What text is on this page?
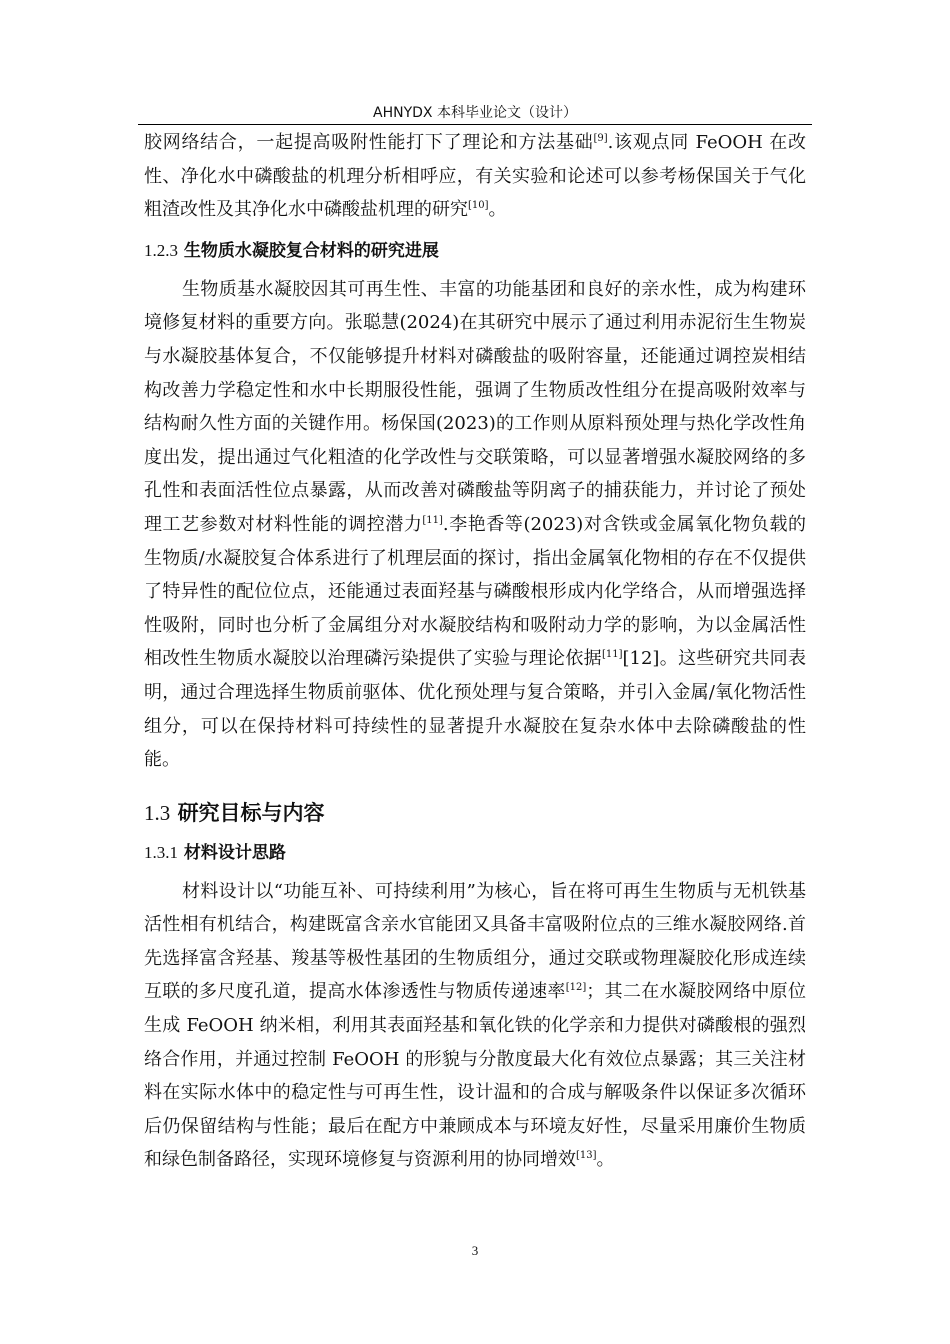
AHNYDX 本科毕业论文（设计）

胶网络结合，一起提高吸附性能打下了理论和方法基础[9].该观点同 FeOOH 在改性、净化水中磷酸盐的机理分析相呼应，有关实验和论述可以参考杨保国关于气化粗渣改性及其净化水中磷酸盐机理的研究[10]。

1.2.3 生物质水凝胶复合材料的研究进展

生物质基水凝胶因其可再生性、丰富的功能基团和良好的亲水性，成为构建环境修复材料的重要方向。张聪慧(2024)在其研究中展示了通过利用赤泥衍生生物炭与水凝胶基体复合，不仅能够提升材料对磷酸盐的吸附容量，还能通过调控炭相结构改善力学稳定性和水中长期服役性能，强调了生物质改性组分在提高吸附效率与结构耐久性方面的关键作用。杨保国(2023)的工作则从原料预处理与热化学改性角度出发，提出通过气化粗渣的化学改性与交联策略，可以显著增强水凝胶网络的多孔性和表面活性位点暴露，从而改善对磷酸盐等阴离子的捕获能力，并讨论了预处理工艺参数对材料性能的调控潜力[11].李艳香等(2023)对含铁或金属氧化物负载的生物质/水凝胶复合体系进行了机理层面的探讨，指出金属氧化物相的存在不仅提供了特异性的配位位点，还能通过表面羟基与磷酸根形成内化学络合，从而增强选择性吸附，同时也分析了金属组分对水凝胶结构和吸附动力学的影响，为以金属活性相改性生物质水凝胶以治理磷污染提供了实验与理论依据[11][12]。这些研究共同表明，通过合理选择生物质前驱体、优化预处理与复合策略，并引入金属/氧化物活性组分，可以在保持材料可持续性的显著提升水凝胶在复杂水体中去除磷酸盐的性能。

1.3 研究目标与内容
1.3.1 材料设计思路

材料设计以“功能互补、可持续利用”为核心，旨在将可再生生物质与无机铁基活性相有机结合，构建既富含亲水官能团又具备丰富吸附位点的三维水凝胶网络.首先选择富含羟基、羧基等极性基团的生物质组分，通过交联或物理凝胶化形成连续互联的多尺度孔道，提高水体渗透性与物质传递速率[12]；其二在水凝胶网络中原位生成 FeOOH 纳米相，利用其表面羟基和氧化铁的化学亲和力提供对磷酸根的强烈络合作用，并通过控制 FeOOH 的形貌与分散度最大化有效位点暴露；其三关注材料在实际水体中的稳定性与可再生性，设计温和的合成与解吸条件以保证多次循环后仍保留结构与性能；最后在配方中兼顾成本与环境友好性，尽量采用廉价生物质和绿色制备路径，实现环境修复与资源利用的协同增效[13]。

3
